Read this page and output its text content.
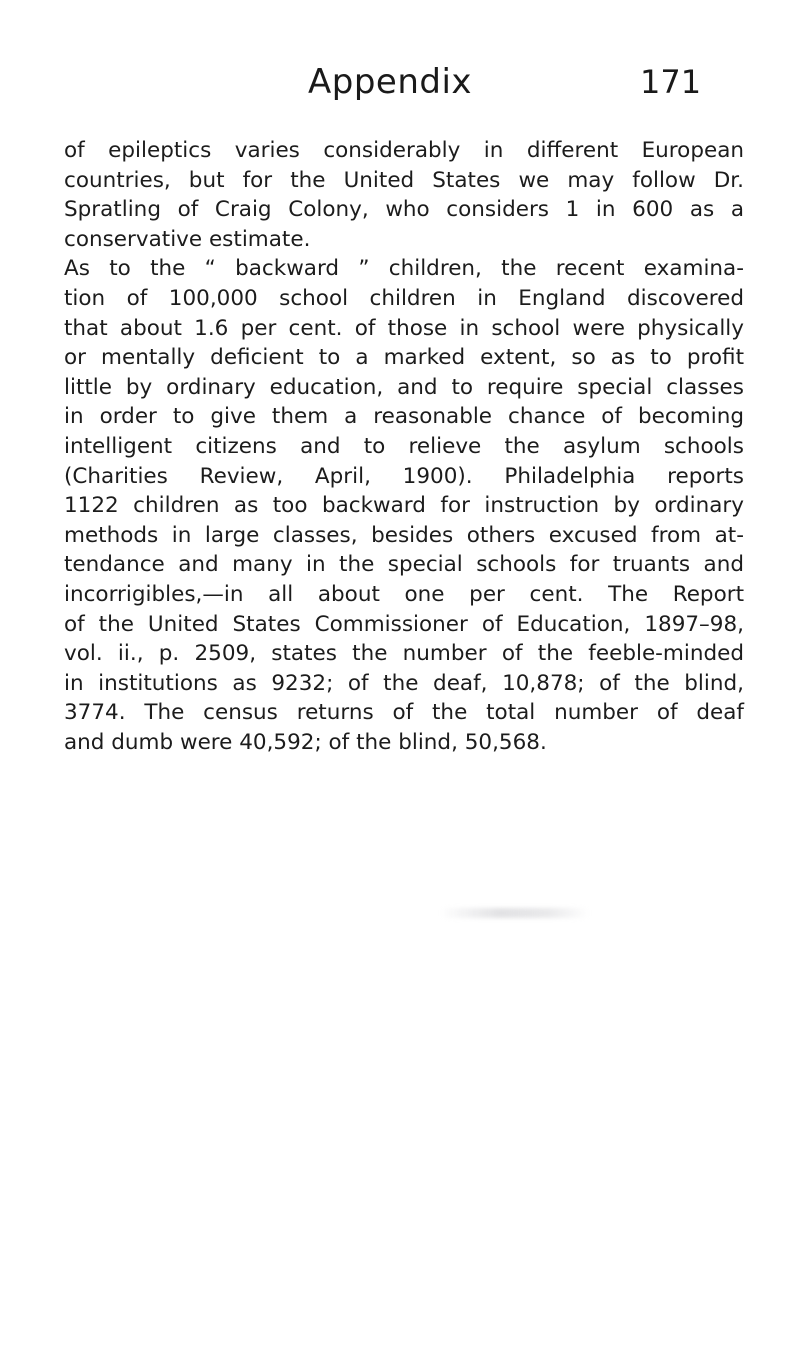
Appendix	171
of epileptics varies considerably in different European
countries, but for the United States we may follow Dr.
Spratling of Craig Colony, who considers 1 in 600 as a
conservative estimate.
As to the “ backward ” children, the recent examina-
tion of 100,000 school children in England discovered
that about 1.6 per cent. of those in school were physically
or mentally deficient to a marked extent, so as to profit
little by ordinary education, and to require special classes
in order to give them a reasonable chance of becoming
intelligent citizens and to relieve the asylum schools
(Charities Review, April, 1900). Philadelphia reports
1122 children as too backward for instruction by ordinary
methods in large classes, besides others excused from at-
tendance and many in the special schools for truants and
incorrigibles,—in all about one per cent. The Report
of the United States Commissioner of Education, 1897–98,
vol. ii., p. 2509, states the number of the feeble-minded
in institutions as 9232; of the deaf, 10,878; of the blind,
3774. The census returns of the total number of deaf
and dumb were 40,592; of the blind, 50,568.
